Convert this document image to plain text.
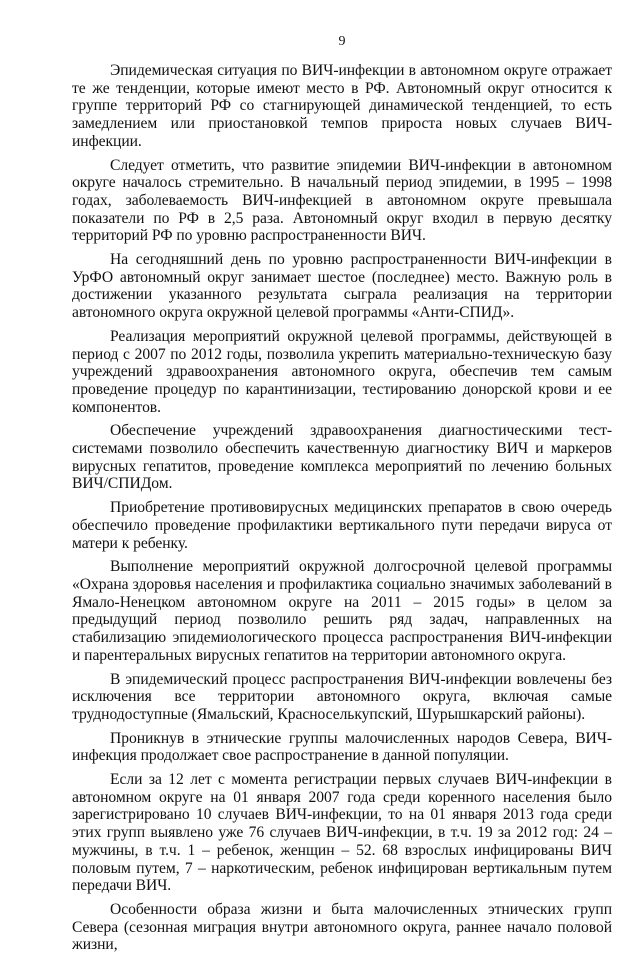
9

Эпидемическая ситуация по ВИЧ-инфекции в автономном округе отражает те же тенденции, которые имеют место в РФ. Автономный округ относится к группе территорий РФ со стагнирующей динамической тенденцией, то есть замедлением или приостановкой темпов прироста новых случаев ВИЧ-инфекции.

Следует отметить, что развитие эпидемии ВИЧ-инфекции в автономном округе началось стремительно. В начальный период эпидемии, в 1995 – 1998 годах, заболеваемость ВИЧ-инфекцией в автономном округе превышала показатели по РФ в 2,5 раза. Автономный округ входил в первую десятку территорий РФ по уровню распространенности ВИЧ.

На сегодняшний день по уровню распространенности ВИЧ-инфекции в УрФО автономный округ занимает шестое (последнее) место. Важную роль в достижении указанного результата сыграла реализация на территории автономного округа окружной целевой программы «Анти-СПИД».

Реализация мероприятий окружной целевой программы, действующей в период с 2007 по 2012 годы, позволила укрепить материально-техническую базу учреждений здравоохранения автономного округа, обеспечив тем самым проведение процедур по карантинизации, тестированию донорской крови и ее компонентов.

Обеспечение учреждений здравоохранения диагностическими тест-системами позволило обеспечить качественную диагностику ВИЧ и маркеров вирусных гепатитов, проведение комплекса мероприятий по лечению больных ВИЧ/СПИДом.

Приобретение противовирусных медицинских препаратов в свою очередь обеспечило проведение профилактики вертикального пути передачи вируса от матери к ребенку.

Выполнение мероприятий окружной долгосрочной целевой программы «Охрана здоровья населения и профилактика социально значимых заболеваний в Ямало-Ненецком автономном округе на 2011 – 2015 годы» в целом за предыдущий период позволило решить ряд задач, направленных на стабилизацию эпидемиологического процесса распространения ВИЧ-инфекции и парентеральных вирусных гепатитов на территории автономного округа.

В эпидемический процесс распространения ВИЧ-инфекции вовлечены без исключения все территории автономного округа, включая самые труднодоступные (Ямальский, Красноселькупский, Шурышкарский районы).

Проникнув в этнические группы малочисленных народов Севера, ВИЧ-инфекция продолжает свое распространение в данной популяции.

Если за 12 лет с момента регистрации первых случаев ВИЧ-инфекции в автономном округе на 01 января 2007 года среди коренного населения было зарегистрировано 10 случаев ВИЧ-инфекции, то на 01 января 2013 года среди этих групп выявлено уже 76 случаев ВИЧ-инфекции, в т.ч. 19 за 2012 год: 24 – мужчины, в т.ч. 1 – ребенок, женщин – 52. 68 взрослых инфицированы ВИЧ половым путем, 7 – наркотическим, ребенок инфицирован вертикальным путем передачи ВИЧ.

Особенности образа жизни и быта малочисленных этнических групп Севера (сезонная миграция внутри автономного округа, раннее начало половой жизни,
